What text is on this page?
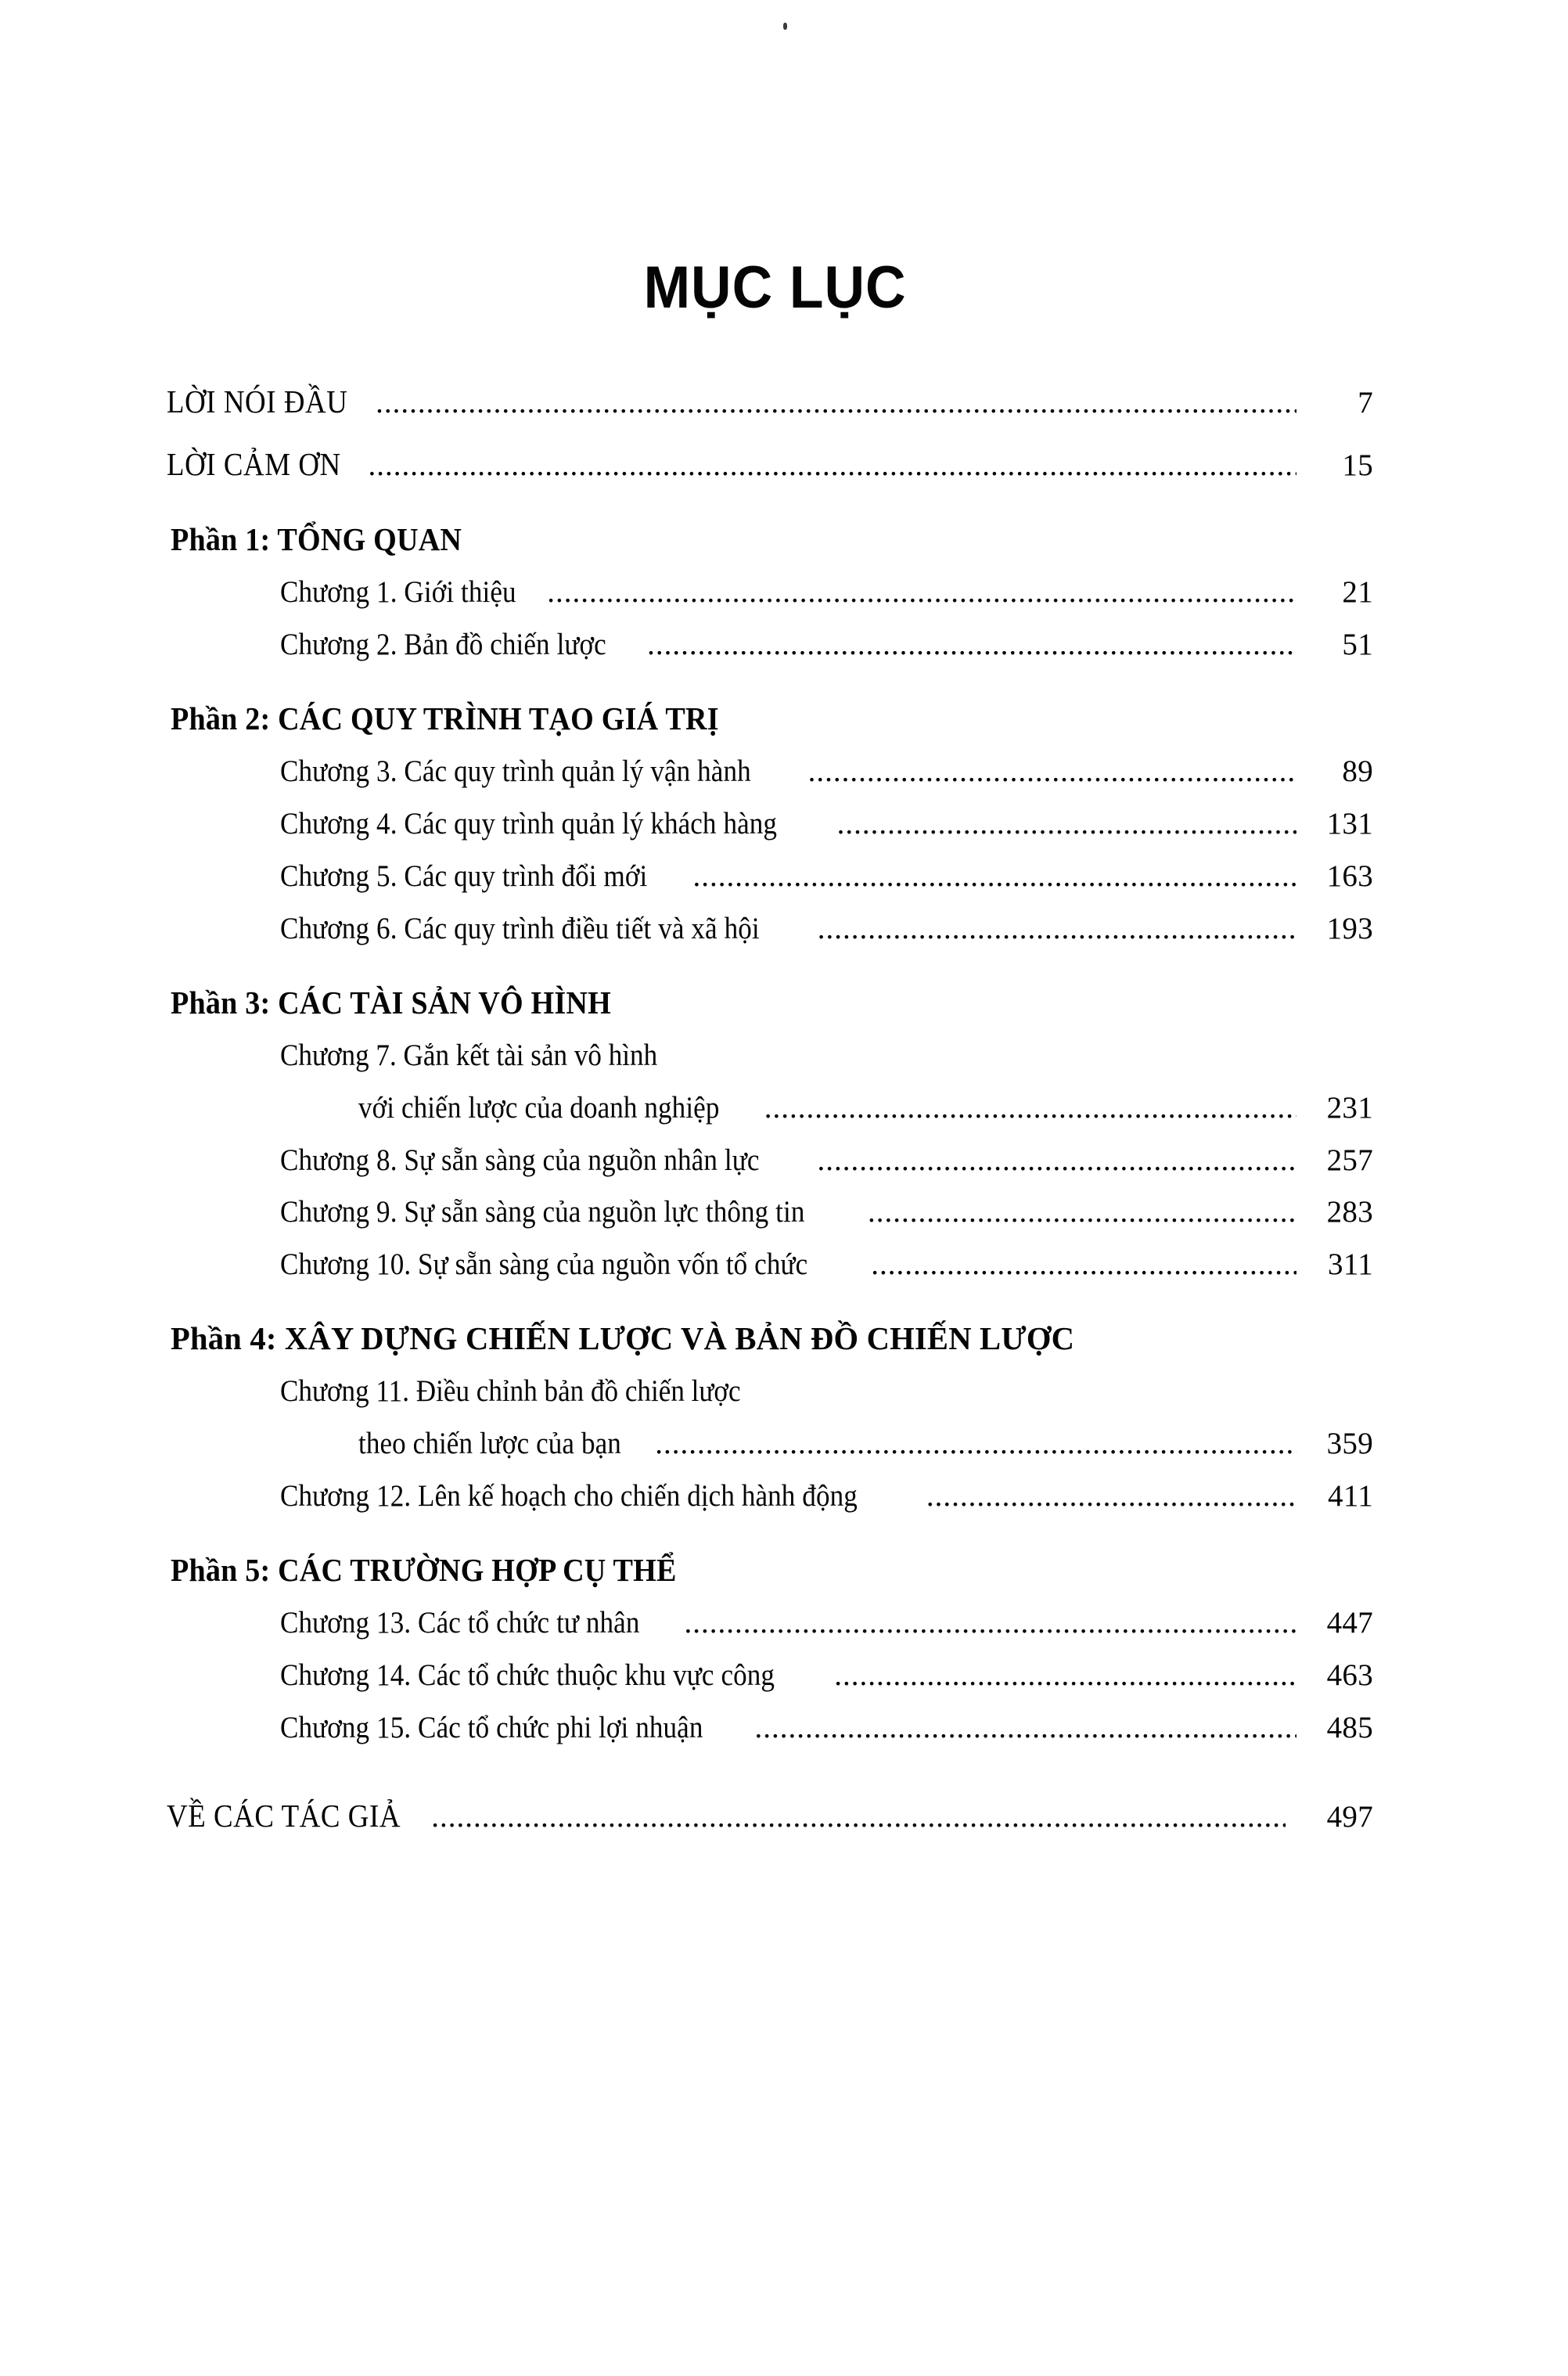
MỤC LỤC
LỜI NÓI ĐẦU .....	7
LỜI CẢM ƠN .....	15
Phần 1: TỔNG QUAN
Chương 1. Giới thiệu .....	21
Chương 2. Bản đồ chiến lược .....	51
Phần 2: CÁC QUY TRÌNH TẠO GIÁ TRỊ
Chương 3. Các quy trình quản lý vận hành .....	89
Chương 4. Các quy trình quản lý khách hàng .....	131
Chương 5. Các quy trình đổi mới .....	163
Chương 6. Các quy trình điều tiết và xã hội .....	193
Phần 3: CÁC TÀI SẢN VÔ HÌNH
Chương 7. Gắn kết tài sản vô hình
với chiến lược của doanh nghiệp .....	231
Chương 8. Sự sẵn sàng của nguồn nhân lực .....	257
Chương 9. Sự sẵn sàng của nguồn lực thông tin .....	283
Chương 10. Sự sẵn sàng của nguồn vốn tổ chức .....	311
Phần 4: XÂY DỰNG CHIẾN LƯỢC VÀ BẢN ĐỒ CHIẾN LƯỢC
Chương 11. Điều chỉnh bản đồ chiến lược
theo chiến lược của bạn .....	359
Chương 12. Lên kế hoạch cho chiến dịch hành động .....	411
Phần 5: CÁC TRƯỜNG HỢP CỤ THỂ
Chương 13. Các tổ chức tư nhân .....	447
Chương 14. Các tổ chức thuộc khu vực công .....	463
Chương 15. Các tổ chức phi lợi nhuận .....	485
VỀ CÁC TÁC GIẢ .....	497
